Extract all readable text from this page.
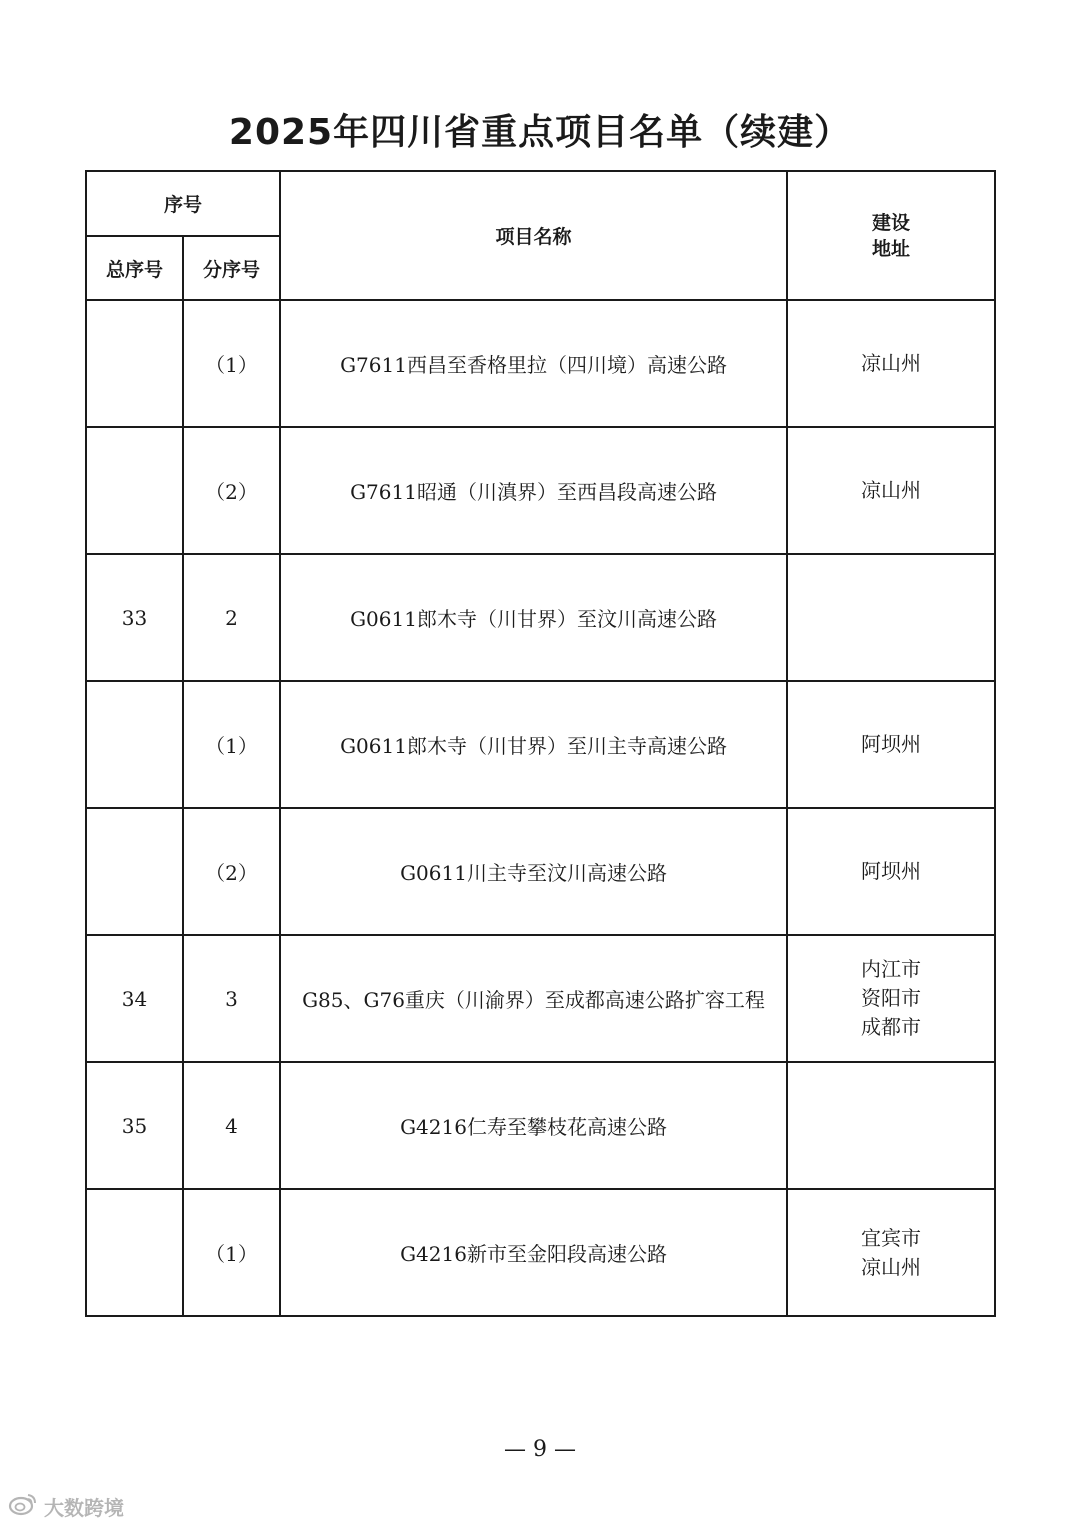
2025年四川省重点项目名单（续建）
序号		项目名称	建设地址
总序号	分序号		
	（1）	G7611西昌至香格里拉（四川境）高速公路	凉山州

	（2）	G7611昭通（川滇界）至西昌段高速公路	凉山州

33	2	G0611郎木寺（川甘界）至汶川高速公路	
	（1）	G0611郎木寺（川甘界）至川主寺高速公路	阿坝州

	（2）	G0611川主寺至汶川高速公路	阿坝州

34	3	G85、G76重庆（川渝界）至成都高速公路扩容工程	内江市
资阳市
成都市

35	4	G4216仁寿至攀枝花高速公路	
	（1）	G4216新市至金阳段高速公路	宜宾市
凉山州
— 9 —
大数跨境
